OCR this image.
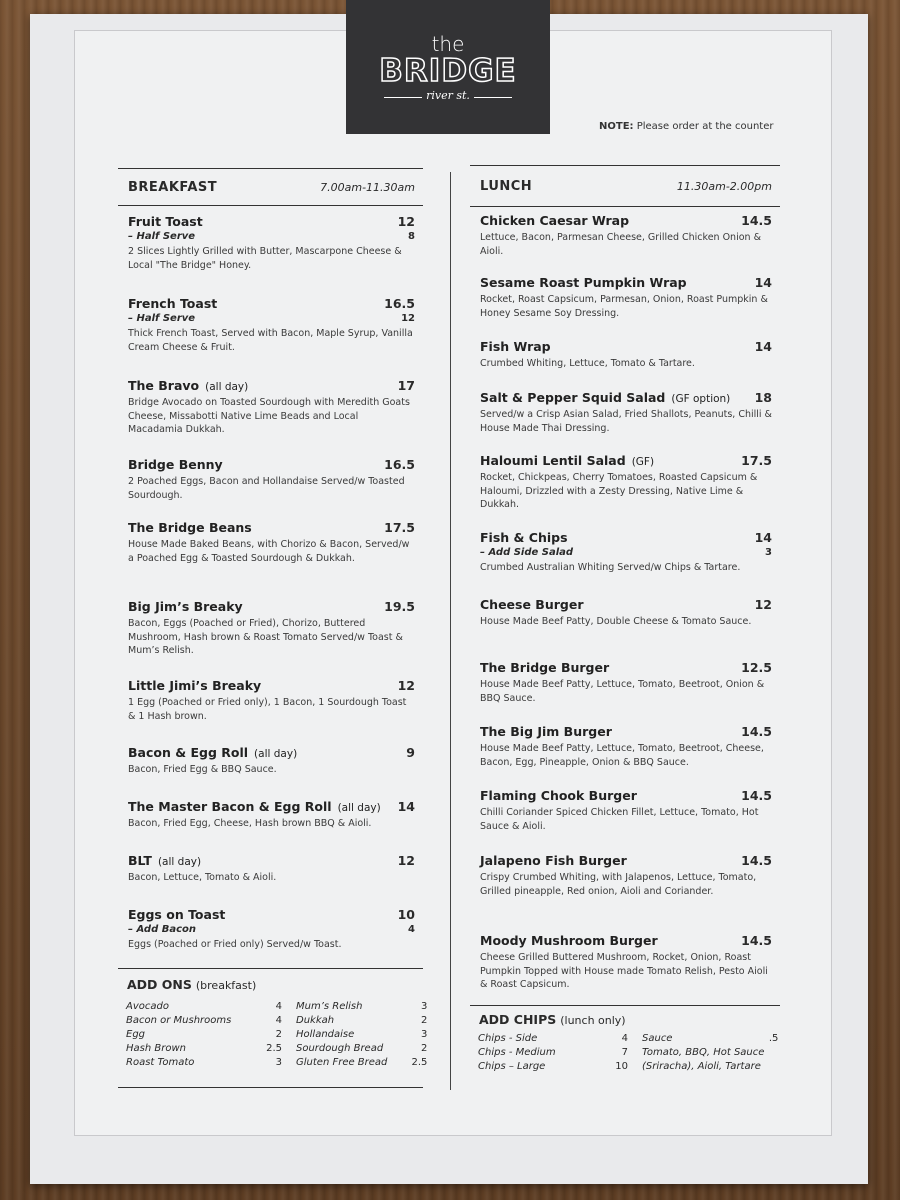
the
BRIDGE
river st.
NOTE: Please order at the counter
BREAKFAST	7.00am-11.30am
Fruit Toast	12
– Half Serve	8
2 Slices Lightly Grilled with Butter, Mascarpone Cheese & Local "The Bridge" Honey.
French Toast	16.5
– Half Serve	12
Thick French Toast, Served with Bacon, Maple Syrup, Vanilla Cream Cheese & Fruit.
The Bravo (all day)	17
Bridge Avocado on Toasted Sourdough with Meredith Goats Cheese, Missabotti Native Lime Beads and Local Macadamia Dukkah.
Bridge Benny	16.5
2 Poached Eggs, Bacon and Hollandaise Served/w Toasted Sourdough.
The Bridge Beans	17.5
House Made Baked Beans, with Chorizo & Bacon, Served/w a Poached Egg & Toasted Sourdough & Dukkah.
Big Jim’s Breaky	19.5
Bacon, Eggs (Poached or Fried), Chorizo, Buttered Mushroom, Hash brown & Roast Tomato Served/w Toast & Mum’s Relish.
Little Jimi’s Breaky	12
1 Egg (Poached or Fried only), 1 Bacon, 1 Sourdough Toast & 1 Hash brown.
Bacon & Egg Roll (all day)	9
Bacon, Fried Egg & BBQ Sauce.
The Master Bacon & Egg Roll (all day) 14
Bacon, Fried Egg, Cheese, Hash brown BBQ & Aioli.
BLT (all day)	12
Bacon, Lettuce, Tomato & Aioli.
Eggs on Toast	10
– Add Bacon	4
Eggs (Poached or Fried only) Served/w Toast.
ADD ONS (breakfast)
Avocado	4	Mum’s Relish	3
Bacon or Mushrooms	4	Dukkah	2
Egg	2	Hollandaise	3
Hash Brown	2.5	Sourdough Bread	2
Roast Tomato	3	Gluten Free Bread	2.5
LUNCH	11.30am-2.00pm
Chicken Caesar Wrap	14.5
Lettuce, Bacon, Parmesan Cheese, Grilled Chicken Onion & Aioli.
Sesame Roast Pumpkin Wrap	14
Rocket, Roast Capsicum, Parmesan, Onion, Roast Pumpkin & Honey Sesame Soy Dressing.
Fish Wrap	14
Crumbed Whiting, Lettuce, Tomato & Tartare.
Salt & Pepper Squid Salad (GF option) 18
Served/w a Crisp Asian Salad, Fried Shallots, Peanuts, Chilli & House Made Thai Dressing.
Haloumi Lentil Salad (GF)	17.5
Rocket, Chickpeas, Cherry Tomatoes, Roasted Capsicum & Haloumi, Drizzled with a Zesty Dressing, Native Lime & Dukkah.
Fish & Chips	14
– Add Side Salad	3
Crumbed Australian Whiting Served/w Chips & Tartare.
Cheese Burger	12
House Made Beef Patty, Double Cheese & Tomato Sauce.
The Bridge Burger	12.5
House Made Beef Patty, Lettuce, Tomato, Beetroot, Onion & BBQ Sauce.
The Big Jim Burger	14.5
House Made Beef Patty, Lettuce, Tomato, Beetroot, Cheese, Bacon, Egg, Pineapple, Onion & BBQ Sauce.
Flaming Chook Burger	14.5
Chilli Coriander Spiced Chicken Fillet, Lettuce, Tomato, Hot Sauce & Aioli.
Jalapeno Fish Burger	14.5
Crispy Crumbed Whiting, with Jalapenos, Lettuce, Tomato, Grilled pineapple, Red onion, Aioli and Coriander.
Moody Mushroom Burger	14.5
Cheese Grilled Buttered Mushroom, Rocket, Onion, Roast Pumpkin Topped with House made Tomato Relish, Pesto Aioli & Roast Capsicum.
ADD CHIPS (lunch only)
Chips - Side	4	Sauce	.5
Chips - Medium	7	Tomato, BBQ, Hot Sauce
Chips – Large	10	(Sriracha), Aioli, Tartare
